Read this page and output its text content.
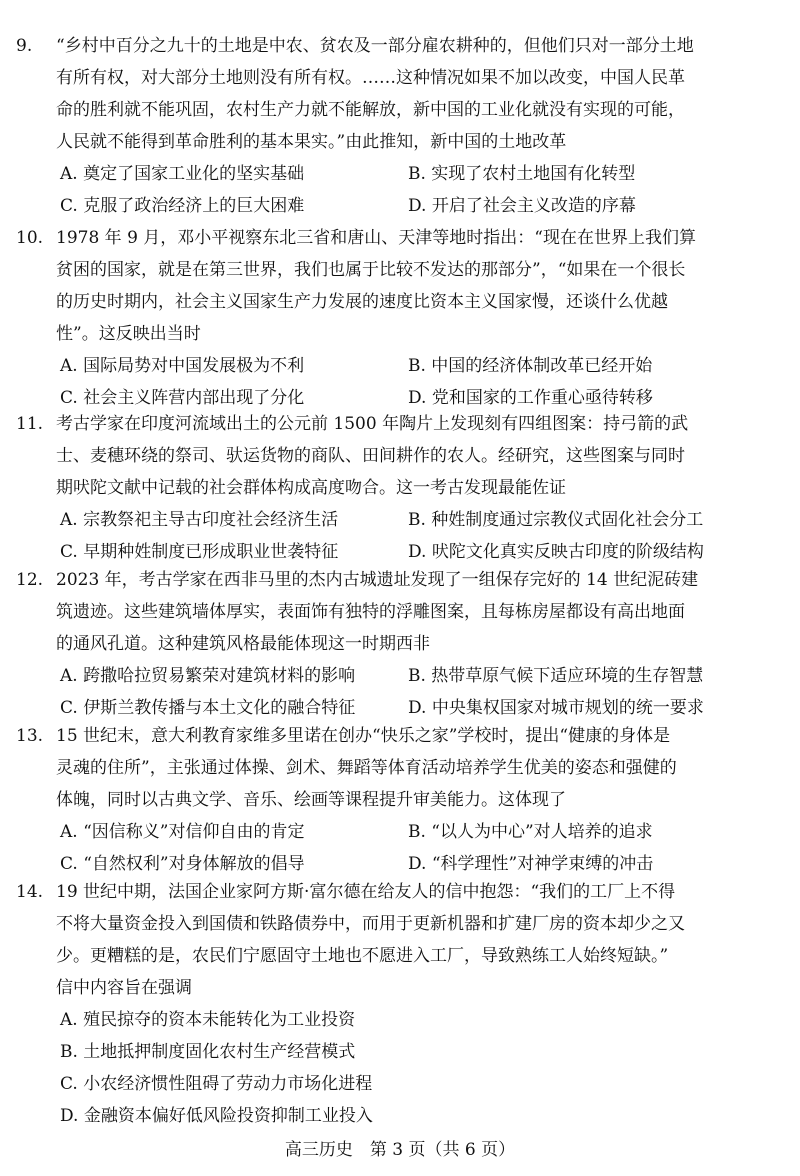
9. “乡村中百分之九十的土地是中农、贫农及一部分雇农耕种的，但他们只对一部分土地
有所有权，对大部分土地则没有所有权。……这种情况如果不加以改变，中国人民革
命的胜利就不能巩固，农村生产力就不能解放，新中国的工业化就没有实现的可能，
人民就不能得到革命胜利的基本果实。”由此推知，新中国的土地改革
A. 奠定了国家工业化的坚实基础	B. 实现了农村土地国有化转型
C. 克服了政治经济上的巨大困难	D. 开启了社会主义改造的序幕
10. 1978 年 9 月，邓小平视察东北三省和唐山、天津等地时指出：“现在在世界上我们算
贫困的国家，就是在第三世界，我们也属于比较不发达的那部分”，“如果在一个很长
的历史时期内，社会主义国家生产力发展的速度比资本主义国家慢，还谈什么优越
性”。这反映出当时
A. 国际局势对中国发展极为不利	B. 中国的经济体制改革已经开始
C. 社会主义阵营内部出现了分化	D. 党和国家的工作重心亟待转移
11. 考古学家在印度河流域出土的公元前 1500 年陶片上发现刻有四组图案：持弓箭的武
士、麦穗环绕的祭司、驮运货物的商队、田间耕作的农人。经研究，这些图案与同时
期吠陀文献中记载的社会群体构成高度吻合。这一考古发现最能佐证
A. 宗教祭祀主导古印度社会经济生活	B. 种姓制度通过宗教仪式固化社会分工
C. 早期种姓制度已形成职业世袭特征	D. 吠陀文化真实反映古印度的阶级结构
12. 2023 年，考古学家在西非马里的杰内古城遗址发现了一组保存完好的 14 世纪泥砖建
筑遗迹。这些建筑墙体厚实，表面饰有独特的浮雕图案，且每栋房屋都设有高出地面
的通风孔道。这种建筑风格最能体现这一时期西非
A. 跨撒哈拉贸易繁荣对建筑材料的影响	B. 热带草原气候下适应环境的生存智慧
C. 伊斯兰教传播与本土文化的融合特征	D. 中央集权国家对城市规划的统一要求
13. 15 世纪末，意大利教育家维多里诺在创办“快乐之家”学校时，提出“健康的身体是
灵魂的住所”，主张通过体操、剑术、舞蹈等体育活动培养学生优美的姿态和强健的
体魄，同时以古典文学、音乐、绘画等课程提升审美能力。这体现了
A. “因信称义”对信仰自由的肯定	B. “以人为中心”对人培养的追求
C. “自然权利”对身体解放的倡导	D. “科学理性”对神学束缚的冲击
14. 19 世纪中期，法国企业家阿方斯·富尔德在给友人的信中抱怨：“我们的工厂上不得
不将大量资金投入到国债和铁路债券中，而用于更新机器和扩建厂房的资本却少之又
少。更糟糕的是，农民们宁愿固守土地也不愿进入工厂，导致熟练工人始终短缺。”
信中内容旨在强调
A. 殖民掠夺的资本未能转化为工业投资
B. 土地抵押制度固化农村生产经营模式
C. 小农经济惯性阻碍了劳动力市场化进程
D. 金融资本偏好低风险投资抑制工业投入
高三历史　第 3 页（共 6 页）
